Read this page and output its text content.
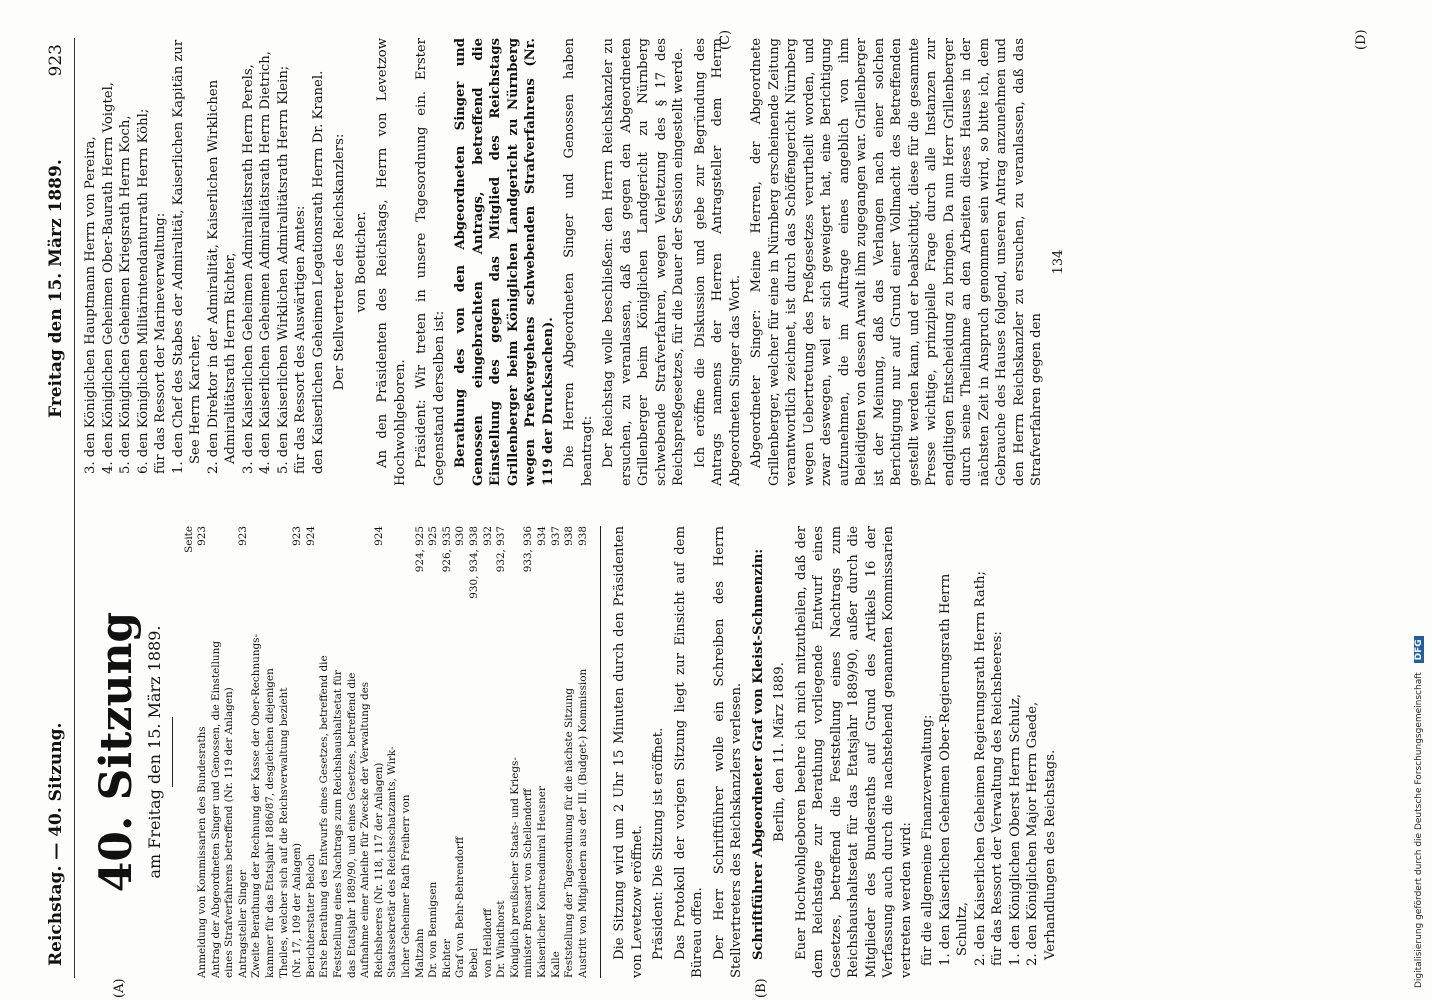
Reichstag. — 40. Sitzung.
Freitag den 15. März 1889.
923
(A)	(B)
(C)	(D)
40. Sitzung am Freitag den 15. März 1889.
Seite
Anmeldung von Kommissarien des Bundesraths
923
Antrag der Abgeordneten Singer und Genossen, die Einstellung eines Strafverfahrens betreffend (Nr. 119 der Anlagen) Antragsteller Singer
923
Zweite Berathung der Rechnung der Kasse der Ober-Rechnungs- kammer für das Etatsjahr 1886/87, desgleichen diejenigen Theiles, welcher sich auf die Reichsverwaltung bezieht (Nr. 17, 109 der Anlagen)
923
Berichterstatter Beloch
924
Erste Berathung des Entwurfs eines Gesetzes, betreffend die Feststellung eines Nachtrags zum Reichshaushaltsetat für das Etatsjahr 1889/90, und eines Gesetzes, betreffend die Aufnahme einer Anleihe für Zwecke der Verwaltung des Reichsheeres (Nr. 118, 117 der Anlagen)
924
Staatssekretär des Reichsschatzamts, Wirk- licher Geheimer Rath Freiherr von Maltzahn
924, 925
Dr. von Bennigsen
925
Richter
926, 935
Graf von Behr-Behrendorff
930
Bebel
930, 934, 938
von Helldorff
932
Dr. Windthorst
932, 937
Königlich preußischer Staats- und Kriegs- minister Bronsart von Schellendorff
933, 936
Kaiserlicher Kontreadmiral Heusner
934
Kalle
937
Feststellung der Tagesordnung für die nächste Sitzung
938
Austritt von Mitgliedern aus der III. (Budget-) Kommission
938 Die Sitzung wird um 2 Uhr 15 Minuten durch den Präsidenten von Levetzow eröffnet. Präsident: Die Sitzung ist eröffnet. Das Protokoll der vorigen Sitzung liegt zur Einsicht auf dem Büreau offen. Der Herr Schriftführer wolle ein Schreiben des Herrn Stellvertreters des Reichskanzlers verlesen. Schriftführer Abgeordneter Graf von Kleist-Schmenzin: Berlin, den 11. März 1889. Euer Hochwohlgeboren beehre ich mich mitzutheilen, daß der dem Reichstage zur Berathung vorliegende Entwurf eines Gesetzes, betreffend die Feststellung eines Nachtrags zum Reichshaushaltsetat für das Etatsjahr 1889/90, außer durch die Mitglieder des Bundesraths auf Grund des Artikels 16 der Verfassung auch durch die nachstehend genannten Kommissarien vertreten werden wird: für die allgemeine Finanzverwaltung: 1. den Kaiserlichen Geheimen Ober-Regierungsrath Herrn Schultz, 2. den Kaiserlichen Geheimen Regierungsrath Herrn Rath; für das Ressort der Verwaltung des Reichsheeres: 1. den Königlichen Oberst Herrn Schulz, 2. den Königlichen Major Herrn Gaede, Verhandlungen des Reichstags.
3. den Königlichen Hauptmann Herrn von Pereira, 4. den Königlichen Geheimen Ober-Baurath Herrn Voigtel, 5. den Königlichen Geheimen Kriegsrath Herrn Koch, 6. den Königlichen Militärintendanturrath Herrn Köhl; für das Ressort der Marineverwaltung: 1. den Chef des Stabes der Admiralität, Kaiserlichen Kapitän zur See Herrn Karcher, 2. den Direktor in der Admiralität, Kaiserlichen Wirklichen Admiralitätsrath Herrn Richter, 3. den Kaiserlichen Geheimen Admiralitätsrath Herrn Perels, 4. den Kaiserlichen Geheimen Admiralitätsrath Herrn Dietrich, 5. den Kaiserlichen Wirklichen Admiralitätsrath Herrn Klein; für das Ressort des Auswärtigen Amtes: den Kaiserlichen Geheimen Legationsrath Herrn Dr. Kranel. Der Stellvertreter des Reichskanzlers: von Boetticher. An den Präsidenten des Reichstags, Herrn von Levetzow Hochwohlgeboren. Präsident: Wir treten in unsere Tagesordnung ein. Erster Gegenstand derselben ist: Berathung des von den Abgeordneten Singer und Genossen eingebrachten Antrags, betreffend die Einstellung des gegen das Mitglied des Reichstags Grillenberger beim Königlichen Landgericht zu Nürnberg wegen Preßvergehens schwebenden Strafverfahrens (Nr. 119 der Drucksachen). Die Herren Abgeordneten Singer und Genossen haben beantragt: Der Reichstag wolle beschließen: den Herrn Reichskanzler zu ersuchen, zu veranlassen, daß das gegen den Abgeordneten Grillenberger beim Königlichen Landgericht zu Nürnberg schwebende Strafverfahren, wegen Verletzung des § 17 des Reichspreßgesetzes, für die Dauer der Session eingestellt werde. Ich eröffne die Diskussion und gebe zur Begründung des Antrags namens der Herren Antragsteller dem Herrn Abgeordneten Singer das Wort. Abgeordneter Singer: Meine Herren, der Abgeordnete Grillenberger, welcher für eine in Nürnberg erscheinende Zeitung verantwortlich zeichnet, ist durch das Schöffengericht Nürnberg wegen Uebertretung des Preßgesetzes verurtheilt worden, und zwar deswegen, weil er sich geweigert hat, eine Berichtigung aufzunehmen, die im Auftrage eines angeblich von ihm Beleidigten von dessen Anwalt ihm zugegangen war. Grillenberger ist der Meinung, daß das Verlangen nach einer solchen Berichtigung nur auf Grund einer Vollmacht des Betreffenden gestellt werden kann, und er beabsichtigt, diese für die gesammte Presse wichtige, prinzipielle Frage durch alle Instanzen zur endgiltigen Entscheidung zu bringen. Da nun Herr Grillenberger durch seine Theilnahme an den Arbeiten dieses Hauses in der nächsten Zeit in Anspruch genommen sein wird, so bitte ich, dem Gebrauche des Hauses folgend, unseren Antrag anzunehmen und den Herrn Reichskanzler zu ersuchen, zu veranlassen, daß das Strafverfahren gegen den
134
Digitalisierung gefördert durch die Deutsche Forschungsgemeinschaft DFG
